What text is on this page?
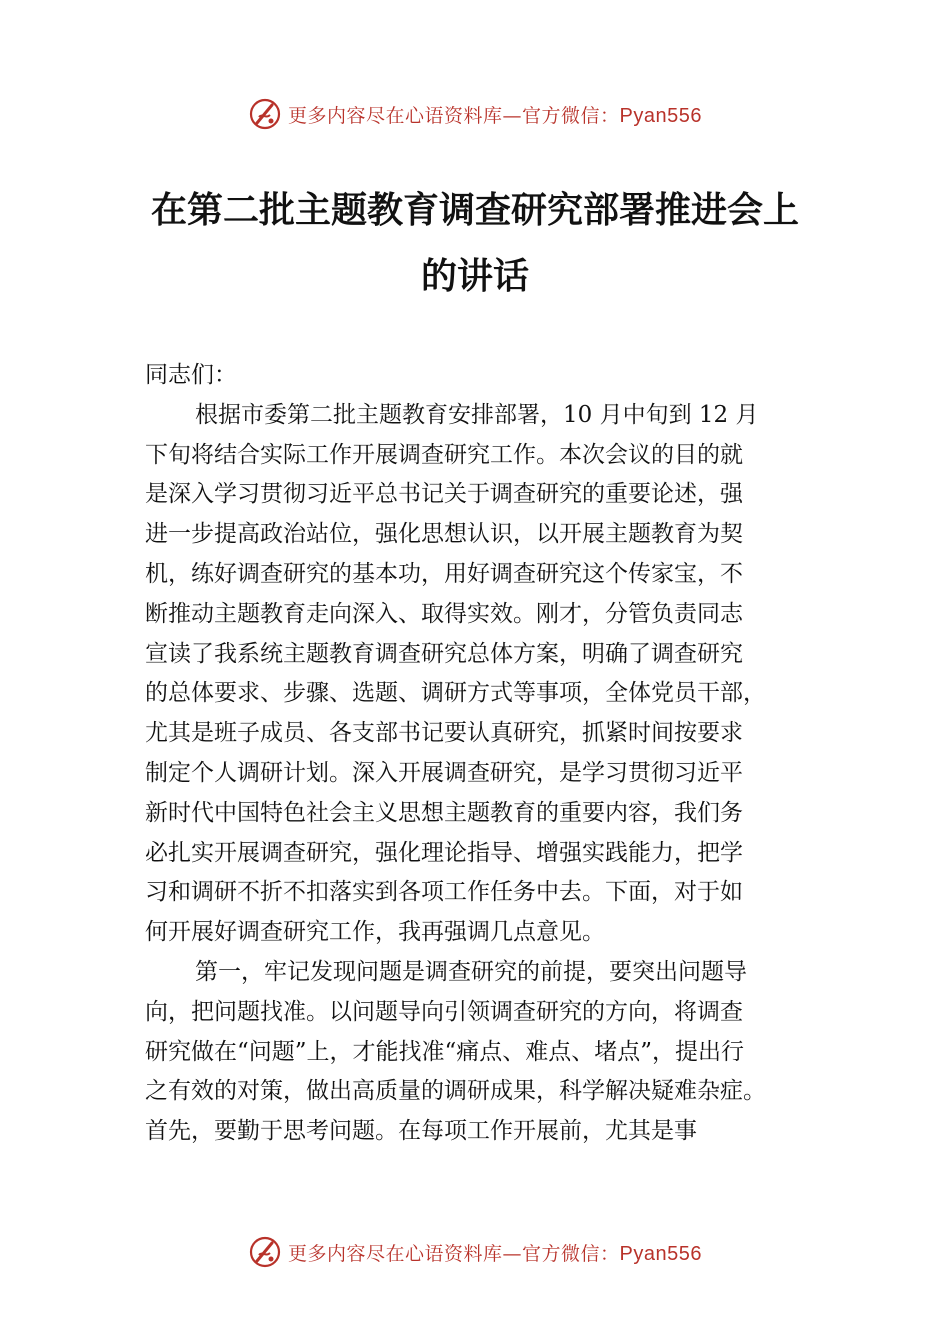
更多内容尽在心语资料库—官方微信：Pyan556
在第二批主题教育调查研究部署推进会上
的讲话
同志们：
根据市委第二批主题教育安排部署，10 月中旬到 12 月
下旬将结合实际工作开展调查研究工作。本次会议的目的就
是深入学习贯彻习近平总书记关于调查研究的重要论述，强
进一步提高政治站位，强化思想认识，以开展主题教育为契
机，练好调查研究的基本功，用好调查研究这个传家宝，不
断推动主题教育走向深入、取得实效。刚才，分管负责同志
宣读了我系统主题教育调查研究总体方案，明确了调查研究
的总体要求、步骤、选题、调研方式等事项，全体党员干部，
尤其是班子成员、各支部书记要认真研究，抓紧时间按要求
制定个人调研计划。深入开展调查研究，是学习贯彻习近平
新时代中国特色社会主义思想主题教育的重要内容，我们务
必扎实开展调查研究，强化理论指导、增强实践能力，把学
习和调研不折不扣落实到各项工作任务中去。下面，对于如
何开展好调查研究工作，我再强调几点意见。
第一，牢记发现问题是调查研究的前提，要突出问题导
向，把问题找准。以问题导向引领调查研究的方向，将调查
研究做在“问题”上，才能找准“痛点、难点、堵点”，提出行
之有效的对策，做出高质量的调研成果，科学解决疑难杂症。
首先，要勤于思考问题。在每项工作开展前，尤其是事
更多内容尽在心语资料库—官方微信：Pyan556
